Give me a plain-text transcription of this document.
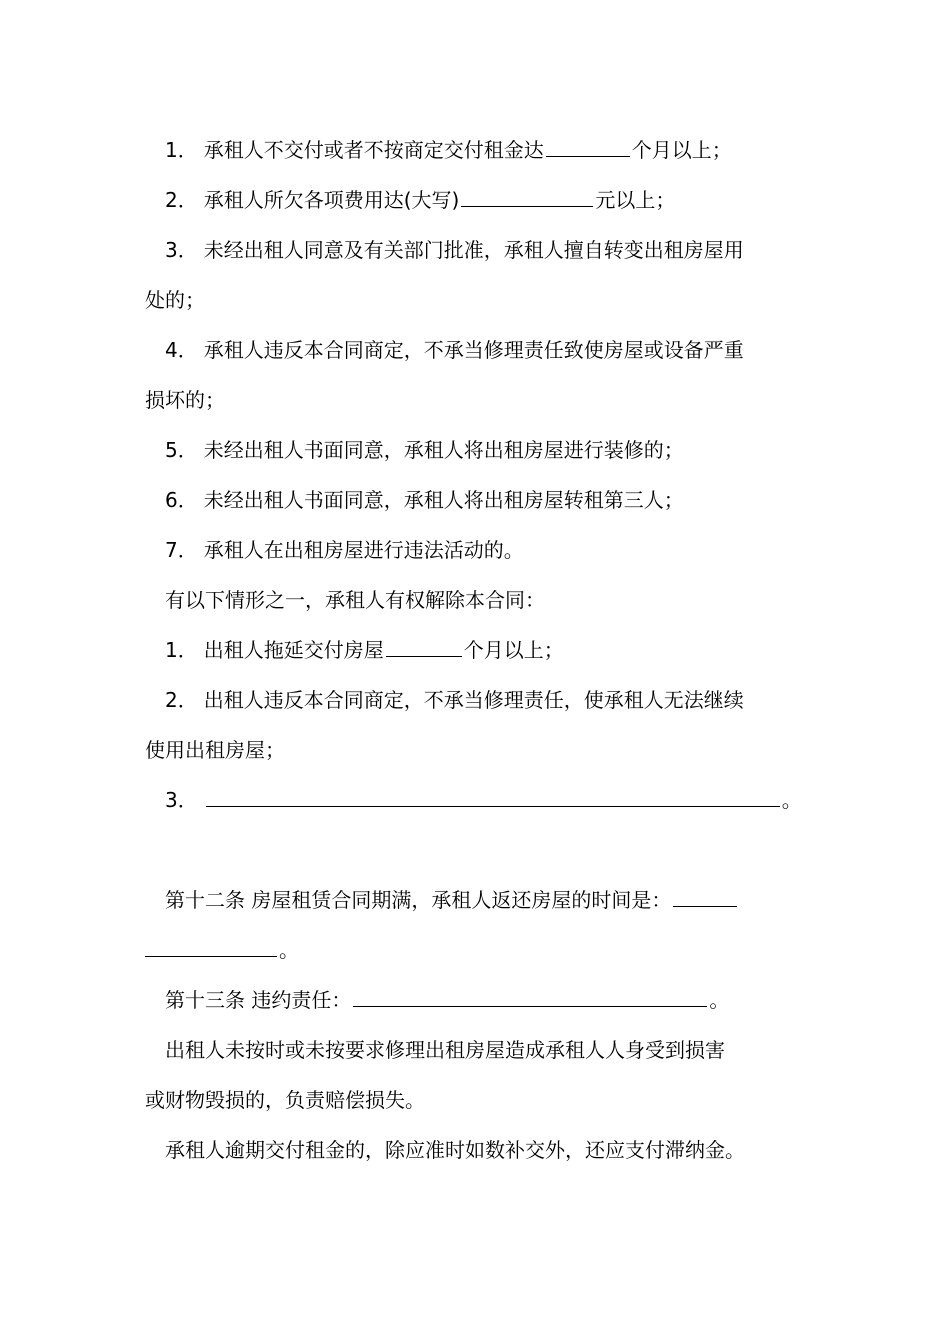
1． 承租人不交付或者不按商定交付租金达	个月以上；
2． 承租人所欠各项费用达(大写)	元以上；
3． 未经出租人同意及有关部门批准，承租人擅自转变出租房屋用
处的；
4． 承租人违反本合同商定，不承当修理责任致使房屋或设备严重
损坏的；
5． 未经出租人书面同意，承租人将出租房屋进行装修的；
6． 未经出租人书面同意，承租人将出租房屋转租第三人；
7． 承租人在出租房屋进行违法活动的。
有以下情形之一，承租人有权解除本合同：
1． 出租人拖延交付房屋	个月以上；
2． 出租人违反本合同商定，不承当修理责任，使承租人无法继续
使用出租房屋；
3．	。
第十二条 房屋租赁合同期满，承租人返还房屋的时间是：
。
第十三条 违约责任：	。
出租人未按时或未按要求修理出租房屋造成承租人人身受到损害
或财物毁损的，负责赔偿损失。
承租人逾期交付租金的，除应准时如数补交外，还应支付滞纳金。
